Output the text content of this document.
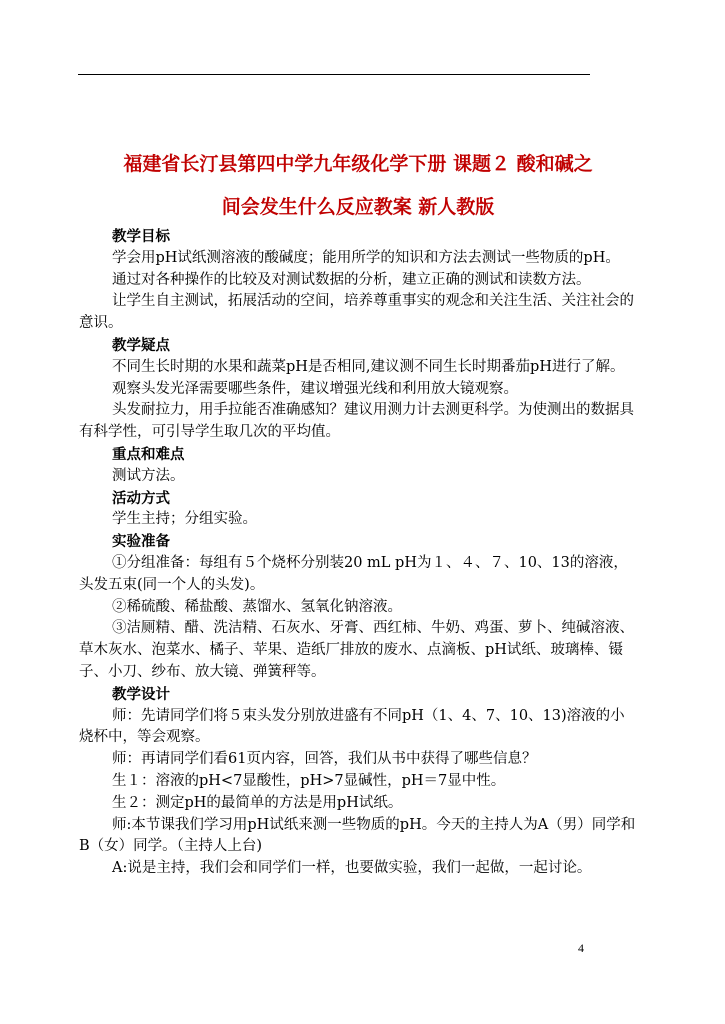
福建省长汀县第四中学九年级化学下册 课题２ 酸和碱之
间会发生什么反应教案 新人教版

教学目标

学会用pH试纸测溶液的酸碱度；能用所学的知识和方法去测试一些物质的pH。

通过对各种操作的比较及对测试数据的分析，建立正确的测试和读数方法。

让学生自主测试，拓展活动的空间，培养尊重事实的观念和关注生活、关注社会的意识。

教学疑点

不同生长时期的水果和蔬菜pH是否相同,建议测不同生长时期番茄pH进行了解。

观察头发光泽需要哪些条件，建议增强光线和利用放大镜观察。

头发耐拉力，用手拉能否准确感知？建议用测力计去测更科学。为使测出的数据具有科学性，可引导学生取几次的平均值。

重点和难点

测试方法。

活动方式

学生主持；分组实验。

实验准备

①分组准备：每组有５个烧杯分别装20 mL pH为１、４、７、10、13的溶液，头发五束(同一个人的头发)。

②稀硫酸、稀盐酸、蒸馏水、氢氧化钠溶液。

③洁厕精、醋、洗洁精、石灰水、牙膏、西红柿、牛奶、鸡蛋、萝卜、纯碱溶液、草木灰水、泡菜水、橘子、苹果、造纸厂排放的废水、点滴板、pH试纸、玻璃棒、镊子、小刀、纱布、放大镜、弹簧秤等。

教学设计

师：先请同学们将５束头发分别放进盛有不同pH（1、4、7、10、13)溶液的小烧杯中，等会观察。

师：再请同学们看61页内容，回答，我们从书中获得了哪些信息？

生１：溶液的pH<7显酸性，pH>7显碱性，pH＝7显中性。

生２：测定pH的最简单的方法是用pH试纸。

师:本节课我们学习用pH试纸来测一些物质的pH。今天的主持人为A（男）同学和B（女）同学。（主持人上台)

A:说是主持，我们会和同学们一样，也要做实验，我们一起做，一起讨论。

4
